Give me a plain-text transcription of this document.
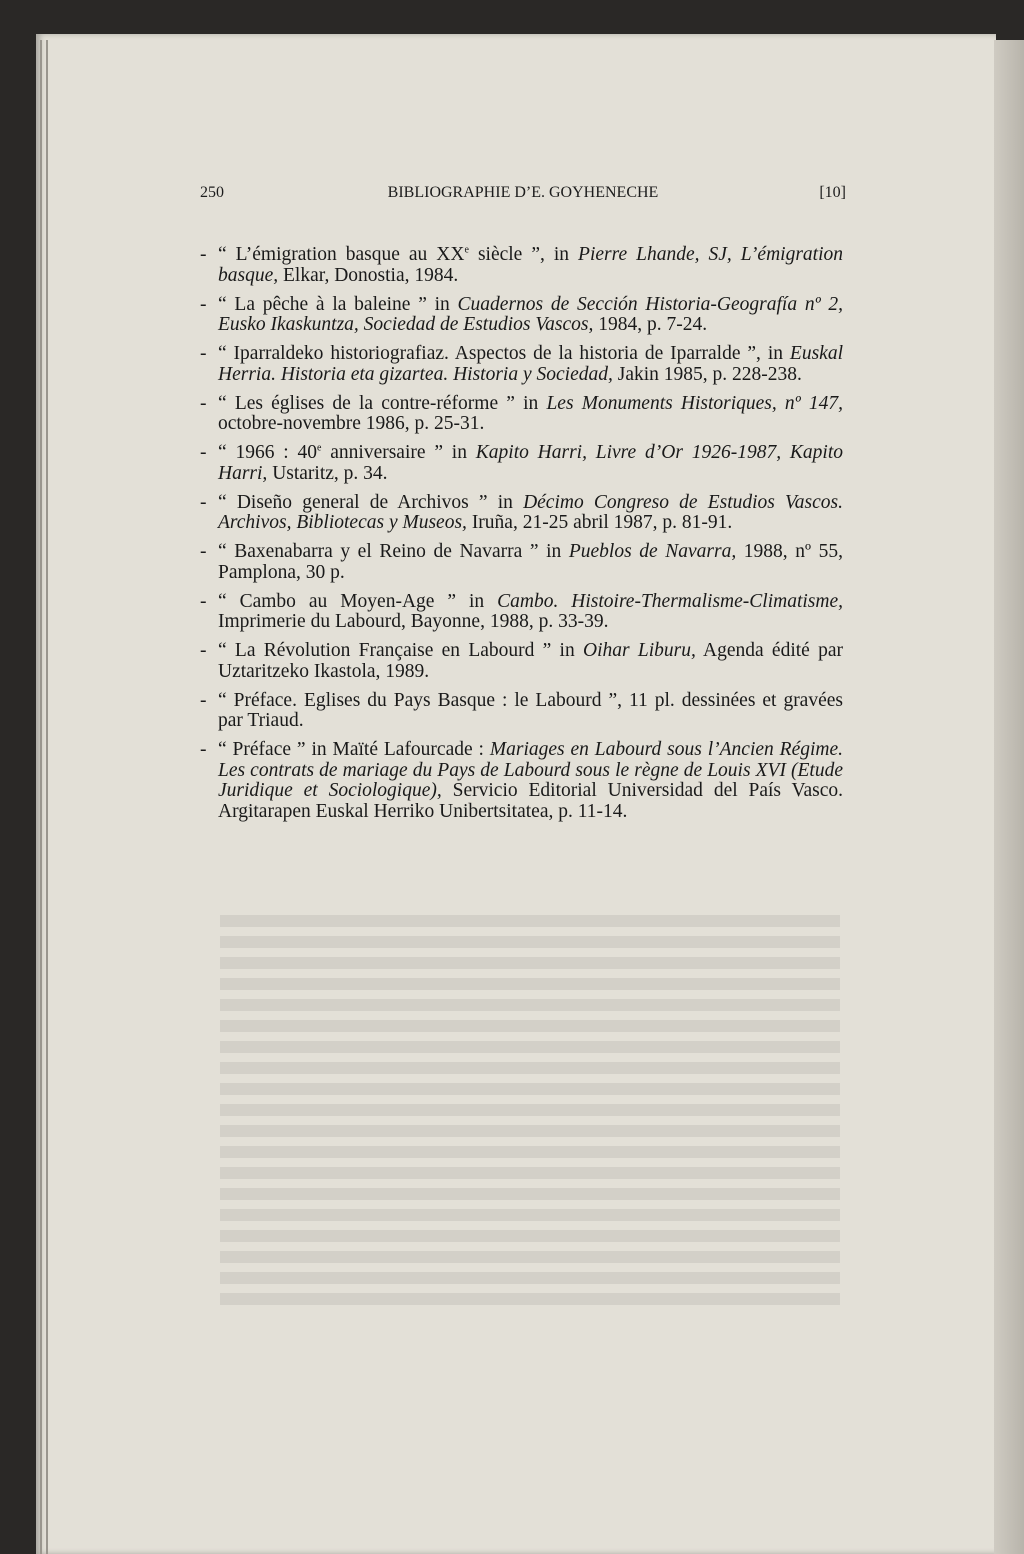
250	BIBLIOGRAPHIE D’E. GOYHENECHE	[10]
- “ L’émigration basque au XXe siècle ”, in Pierre Lhande, SJ, L’émigration basque, Elkar, Donostia, 1984.
- “ La pêche à la baleine ” in Cuadernos de Sección Historia-Geografía nº 2, Eusko Ikaskuntza, Sociedad de Estudios Vascos, 1984, p. 7-24.
- “ Iparraldeko historiografiaz. Aspectos de la historia de Iparralde ”, in Euskal Herria. Historia eta gizartea. Historia y Sociedad, Jakin 1985, p. 228-238.
- “ Les églises de la contre-réforme ” in Les Monuments Historiques, nº 147, octobre-novembre 1986, p. 25-31.
- “ 1966 : 40e anniversaire ” in Kapito Harri, Livre d’Or 1926-1987, Kapito Harri, Ustaritz, p. 34.
- “ Diseño general de Archivos ” in Décimo Congreso de Estudios Vascos. Archivos, Bibliotecas y Museos, Iruña, 21-25 abril 1987, p. 81-91.
- “ Baxenabarra y el Reino de Navarra ” in Pueblos de Navarra, 1988, nº 55, Pamplona, 30 p.
- “ Cambo au Moyen-Age ” in Cambo. Histoire-Thermalisme-Climatisme, Imprimerie du Labourd, Bayonne, 1988, p. 33-39.
- “ La Révolution Française en Labourd ” in Oihar Liburu, Agenda édité par Uztaritzeko Ikastola, 1989.
- “ Préface. Eglises du Pays Basque : le Labourd ”, 11 pl. dessinées et gravées par Triaud.
- “ Préface ” in Maïté Lafourcade : Mariages en Labourd sous l’Ancien Régime. Les contrats de mariage du Pays de Labourd sous le règne de Louis XVI (Etude Juridique et Sociologique), Servicio Editorial Universidad del País Vasco. Argitarapen Euskal Herriko Unibertsitatea, p. 11-14.
